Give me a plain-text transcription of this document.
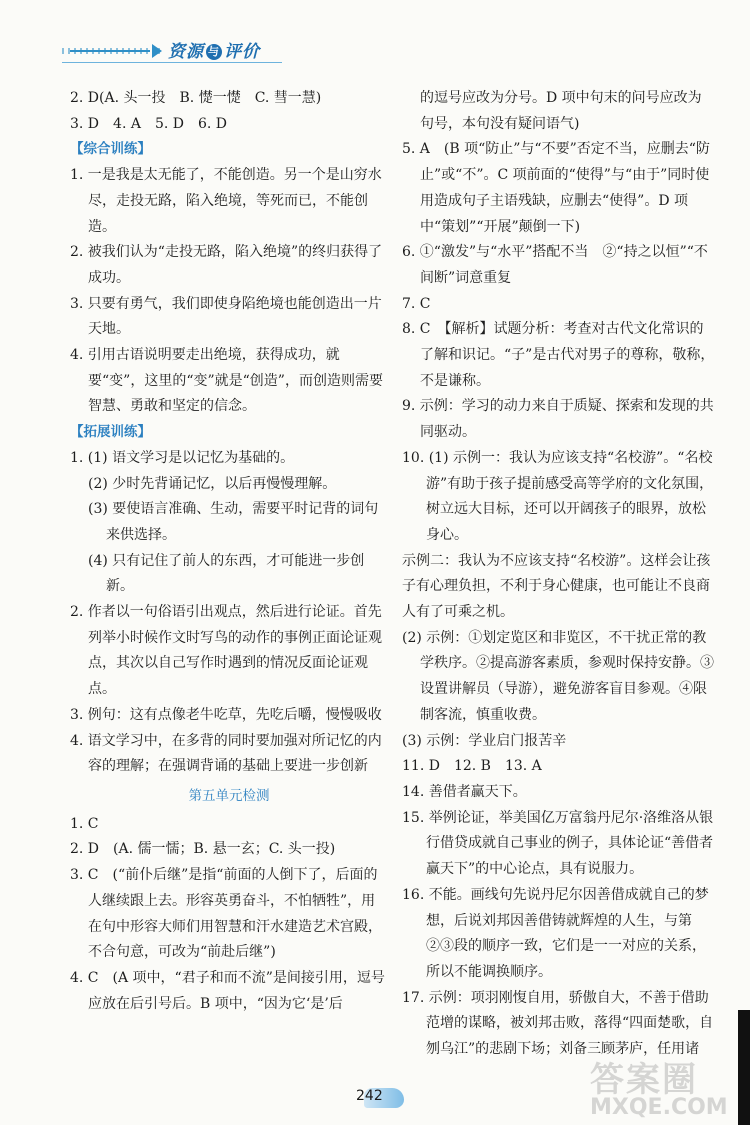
资源 与 评价

2. D(A. 头一投　B. 憷一憷　C. 彗一慧)

3. D　4. A　5. D　6. D

【综合训练】

1. 一是我是太无能了，不能创造。另一个是山穷水尽，走投无路，陷入绝境，等死而已，不能创造。

2. 被我们认为“走投无路，陷入绝境”的终归获得了成功。

3. 只要有勇气，我们即使身陷绝境也能创造出一片天地。

4. 引用古语说明要走出绝境，获得成功，就要“变”，这里的“变”就是“创造”，而创造则需要智慧、勇敢和坚定的信念。

【拓展训练】

1. (1) 语文学习是以记忆为基础的。

(2) 少时先背诵记忆，以后再慢慢理解。

(3) 要使语言准确、生动，需要平时记背的词句来供选择。

(4) 只有记住了前人的东西，才可能进一步创新。

2. 作者以一句俗语引出观点，然后进行论证。首先列举小时候作文时写鸟的动作的事例正面论证观点，其次以自己写作时遇到的情况反面论证观点。

3. 例句：这有点像老牛吃草，先吃后嚼，慢慢吸收

4. 语文学习中，在多背的同时要加强对所记忆的内容的理解；在强调背诵的基础上要进一步创新

第五单元检测

1. C

2. D　(A. 儒一懦；B. 悬一玄；C. 头一投)

3. C　(“前仆后继”是指“前面的人倒下了，后面的人继续跟上去。形容英勇奋斗，不怕牺牲”，用在句中形容大师们用智慧和汗水建造艺术宫殿，不合句意，可改为“前赴后继”)

4. C　(A 项中，“君子和而不流”是间接引用，逗号应放在后引号后。B 项中，“因为它‘是’后

的逗号应改为分号。D 项中句末的问号应改为句号，本句没有疑问语气)

5. A　(B 项“防止”与“不要”否定不当，应删去“防止”或“不”。C 项前面的“使得”与“由于”同时使用造成句子主语残缺，应删去“使得”。D 项中“策划”“开展”颠倒一下)

6. ①“激发”与“水平”搭配不当　②“持之以恒”“不间断”词意重复

7. C

8. C　【解析】试题分析：考查对古代文化常识的了解和识记。“子”是古代对男子的尊称，敬称，不是谦称。

9. 示例：学习的动力来自于质疑、探索和发现的共同驱动。

10. (1) 示例一：我认为应该支持“名校游”。“名校游”有助于孩子提前感受高等学府的文化氛围，树立远大目标，还可以开阔孩子的眼界，放松身心。

示例二：我认为不应该支持“名校游”。这样会让孩子有心理负担，不利于身心健康，也可能让不良商人有了可乘之机。

(2) 示例：①划定览区和非览区，不干扰正常的教学秩序。②提高游客素质，参观时保持安静。③设置讲解员（导游），避免游客盲目参观。④限制客流，慎重收费。

(3) 示例：学业启门报苦辛

11. D　12. B　13. A

14. 善借者赢天下。

15. 举例论证，举美国亿万富翁丹尼尔·洛维洛从银行借贷成就自己事业的例子，具体论证“善借者赢天下”的中心论点，具有说服力。

16. 不能。画线句先说丹尼尔因善借成就自己的梦想，后说刘邦因善借铸就辉煌的人生，与第②③段的顺序一致，它们是一一对应的关系，所以不能调换顺序。

17. 示例：项羽刚愎自用，骄傲自大，不善于借助范增的谋略，被刘邦击败，落得“四面楚歌，自刎乌江”的悲剧下场；刘备三顾茅庐，任用诸

242	答案圈
MXQE.COM
